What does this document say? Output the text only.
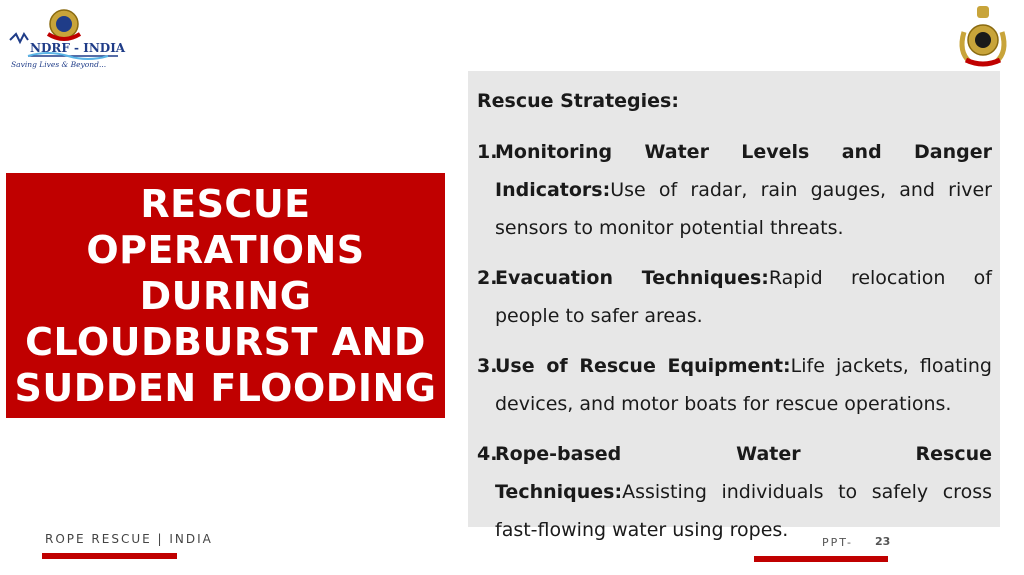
NDRF - INDIA
Saving Lives & Beyond...
RESCUE OPERATIONS DURING CLOUDBURST AND SUDDEN FLOODING
Rescue Strategies:
1.
Monitoring Water Levels and Danger Indicators:Use of radar, rain gauges, and river sensors to monitor potential threats.
2.
Evacuation Techniques:Rapid relocation of people to safer areas.
3.
Use of Rescue Equipment:Life jackets, floating devices, and motor boats for rescue operations.
4.
Rope-based Water Rescue Techniques:Assisting individuals to safely cross fast-flowing water using ropes.
ROPE RESCUE | INDIA	PPT- 23
